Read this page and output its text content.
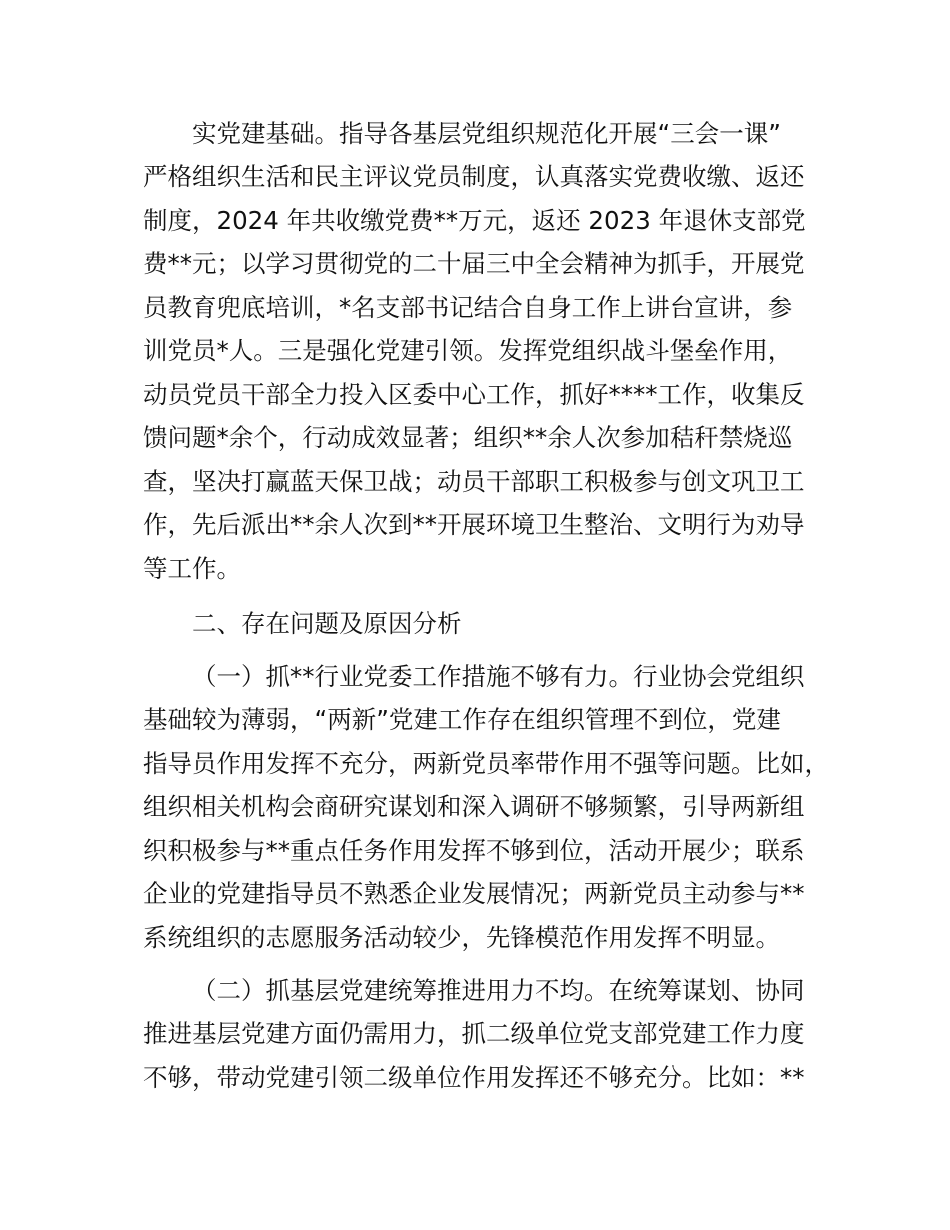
实党建基础。指导各基层党组织规范化开展“三会一课”
严格组织生活和民主评议党员制度，认真落实党费收缴、返还
制度，2024 年共收缴党费**万元，返还 2023 年退休支部党
费**元；以学习贯彻党的二十届三中全会精神为抓手，开展党
员教育兜底培训，*名支部书记结合自身工作上讲台宣讲，参
训党员*人。三是强化党建引领。发挥党组织战斗堡垒作用，
动员党员干部全力投入区委中心工作，抓好****工作，收集反
馈问题*余个，行动成效显著；组织**余人次参加秸秆禁烧巡
查，坚决打赢蓝天保卫战；动员干部职工积极参与创文巩卫工
作，先后派出**余人次到**开展环境卫生整治、文明行为劝导
等工作。
二、存在问题及原因分析
（一）抓**行业党委工作措施不够有力。行业协会党组织
基础较为薄弱，“两新”党建工作存在组织管理不到位，党建
指导员作用发挥不充分，两新党员率带作用不强等问题。比如，
组织相关机构会商研究谋划和深入调研不够频繁，引导两新组
织积极参与**重点任务作用发挥不够到位，活动开展少；联系
企业的党建指导员不熟悉企业发展情况；两新党员主动参与**
系统组织的志愿服务活动较少，先锋模范作用发挥不明显。
（二）抓基层党建统筹推进用力不均。在统筹谋划、协同
推进基层党建方面仍需用力，抓二级单位党支部党建工作力度
不够，带动党建引领二级单位作用发挥还不够充分。比如：**
